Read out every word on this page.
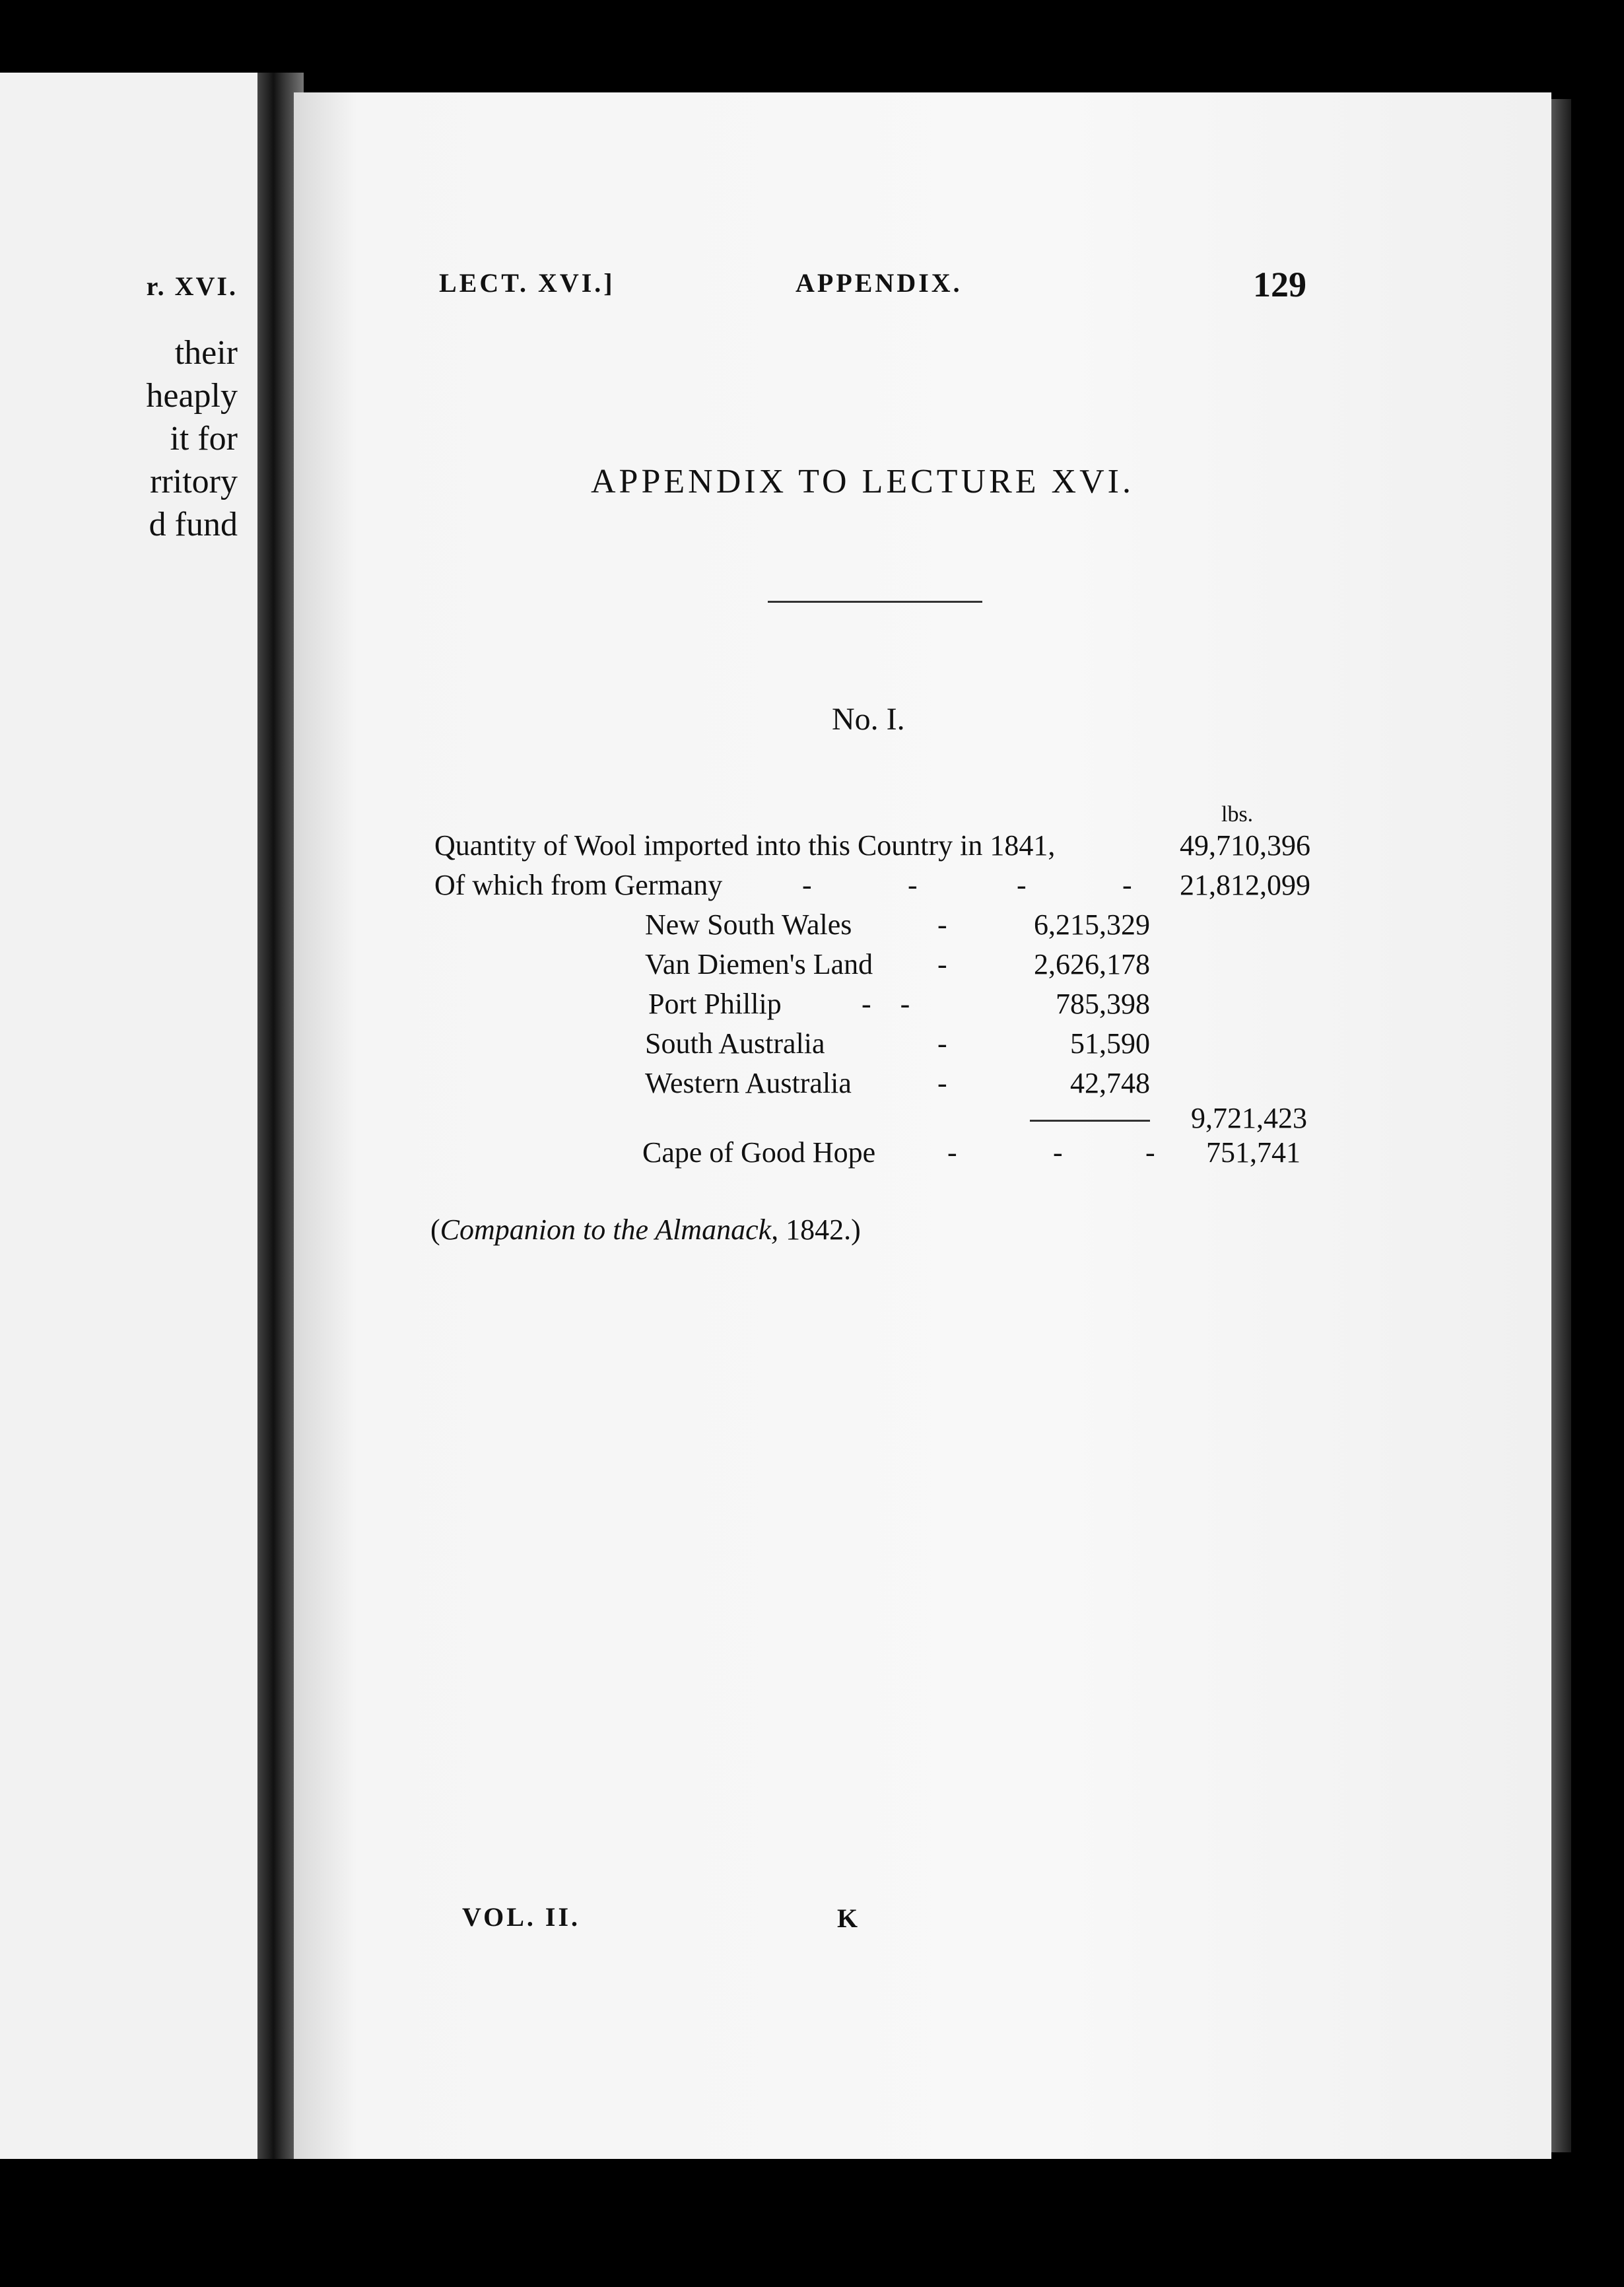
r. XVI.
their
heaply
it for
rritory
d fund
LECT. XVI.]	APPENDIX.	129
APPENDIX TO LECTURE XVI.
No. I.
lbs.
Quantity of Wool imported into this Country in 1841,	49,710,396
Of which from Germany	-	-	-	-	21,812,099
New South Wales	-	6,215,329
Van Diemen's Land -	2,626,178
Port Phillip	-    -	785,398
South Australia	-	51,590
Western Australia	-	42,748
9,721,423
Cape of Good Hope -	-	-	751,741
(Companion to the Almanack, 1842.)
VOL. II.	K
